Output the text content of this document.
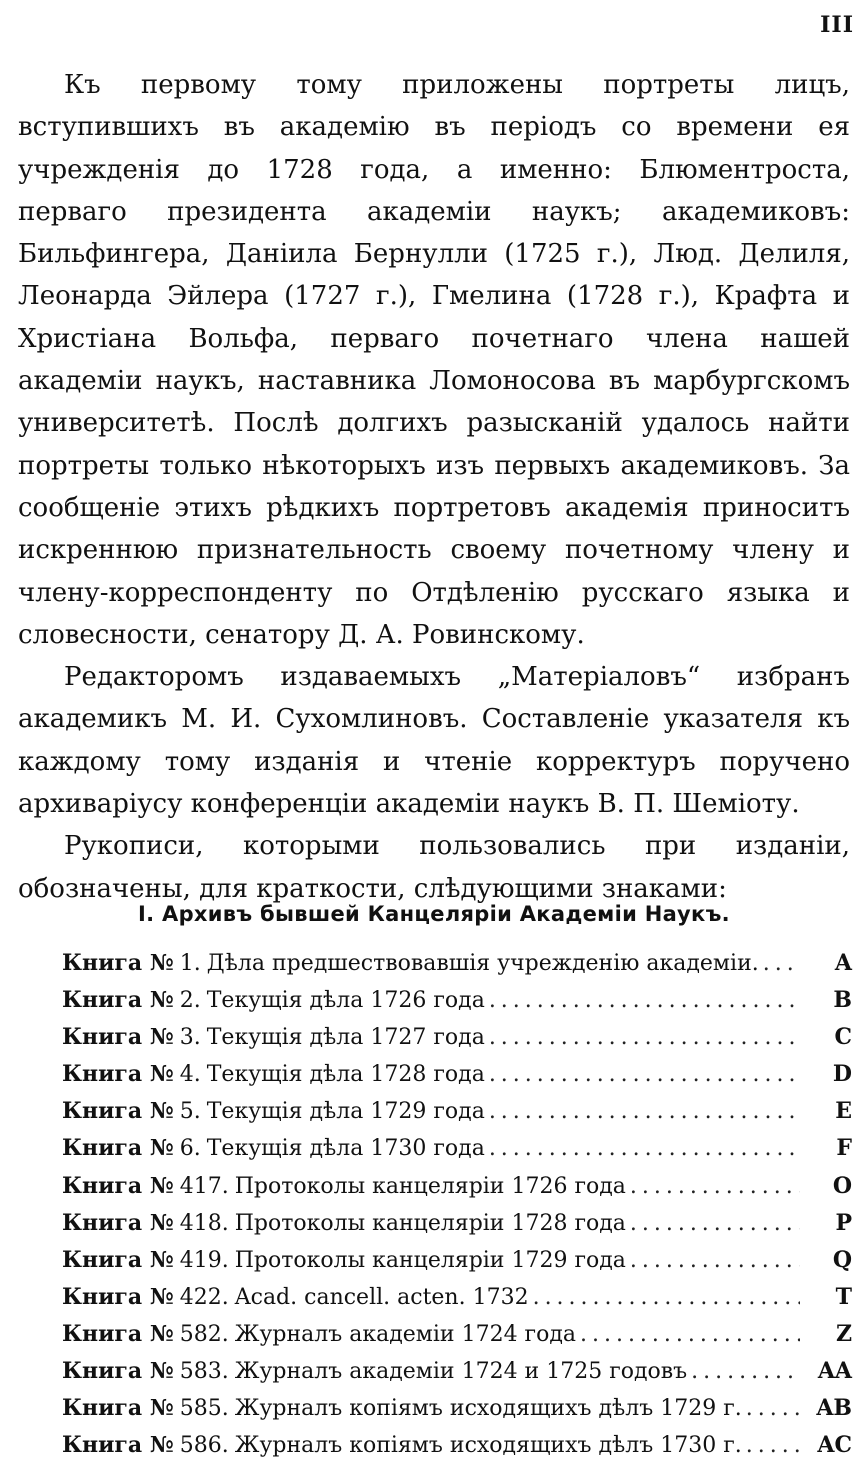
III

Къ первому тому приложены портреты лицъ, вступившихъ въ академію въ періодъ со времени ея учрежденія до 1728 года, а именно: Блюментроста, перваго президента академіи наукъ; академиковъ: Бильфингера, Даніила Бернулли (1725 г.), Люд. Делиля, Леонарда Эйлера (1727 г.), Гмелина (1728 г.), Крафта и Христіана Вольфа, перваго почетнаго члена нашей академіи наукъ, наставника Ломоносова въ марбургскомъ университетѣ. Послѣ долгихъ разысканій удалось найти портреты только нѣкоторыхъ изъ первыхъ академиковъ. За сообщеніе этихъ рѣдкихъ портретовъ академія приноситъ искреннюю признательность своему почетному члену и члену-корреспонденту по Отдѣленію русскаго языка и словесности, сенатору Д. А. Ровинскому.

Редакторомъ издаваемыхъ „Матеріаловъ“ избранъ академикъ М. И. Сухомлиновъ. Составленіе указателя къ каждому тому изданія и чтеніе корректуръ поручено архиваріусу конференціи академіи наукъ В. П. Шеміоту.

Рукописи, которыми пользовались при изданіи, обозначены, для краткости, слѣдующими знаками:

I. Архивъ бывшей Канцеляріи Академіи Наукъ.
Книга № 1. Дѣла предшествовавшія учрежденію академіи. . . .	A
Книга № 2. Текущія дѣла 1726 года . . .	B
Книга № 3. Текущія дѣла 1727 года . . .	C
Книга № 4. Текущія дѣла 1728 года . . .	D
Книга № 5. Текущія дѣла 1729 года . . .	E
Книга № 6. Текущія дѣла 1730 года . . .	F
Книга № 417. Протоколы канцеляріи 1726 года . . .	O
Книга № 418. Протоколы канцеляріи 1728 года . . .	P
Книга № 419. Протоколы канцеляріи 1729 года . . .	Q
Книга № 422. Acad. cancell. acten. 1732 . . .	T
Книга № 582. Журналъ академіи 1724 года . . .	Z
Книга № 583. Журналъ академіи 1724 и 1725 годовъ . . .	AA
Книга № 585. Журналъ копіямъ исходящихъ дѣлъ 1729 г. . . .	AB
Книга № 586. Журналъ копіямъ исходящихъ дѣлъ 1730 г. . . .	AC
